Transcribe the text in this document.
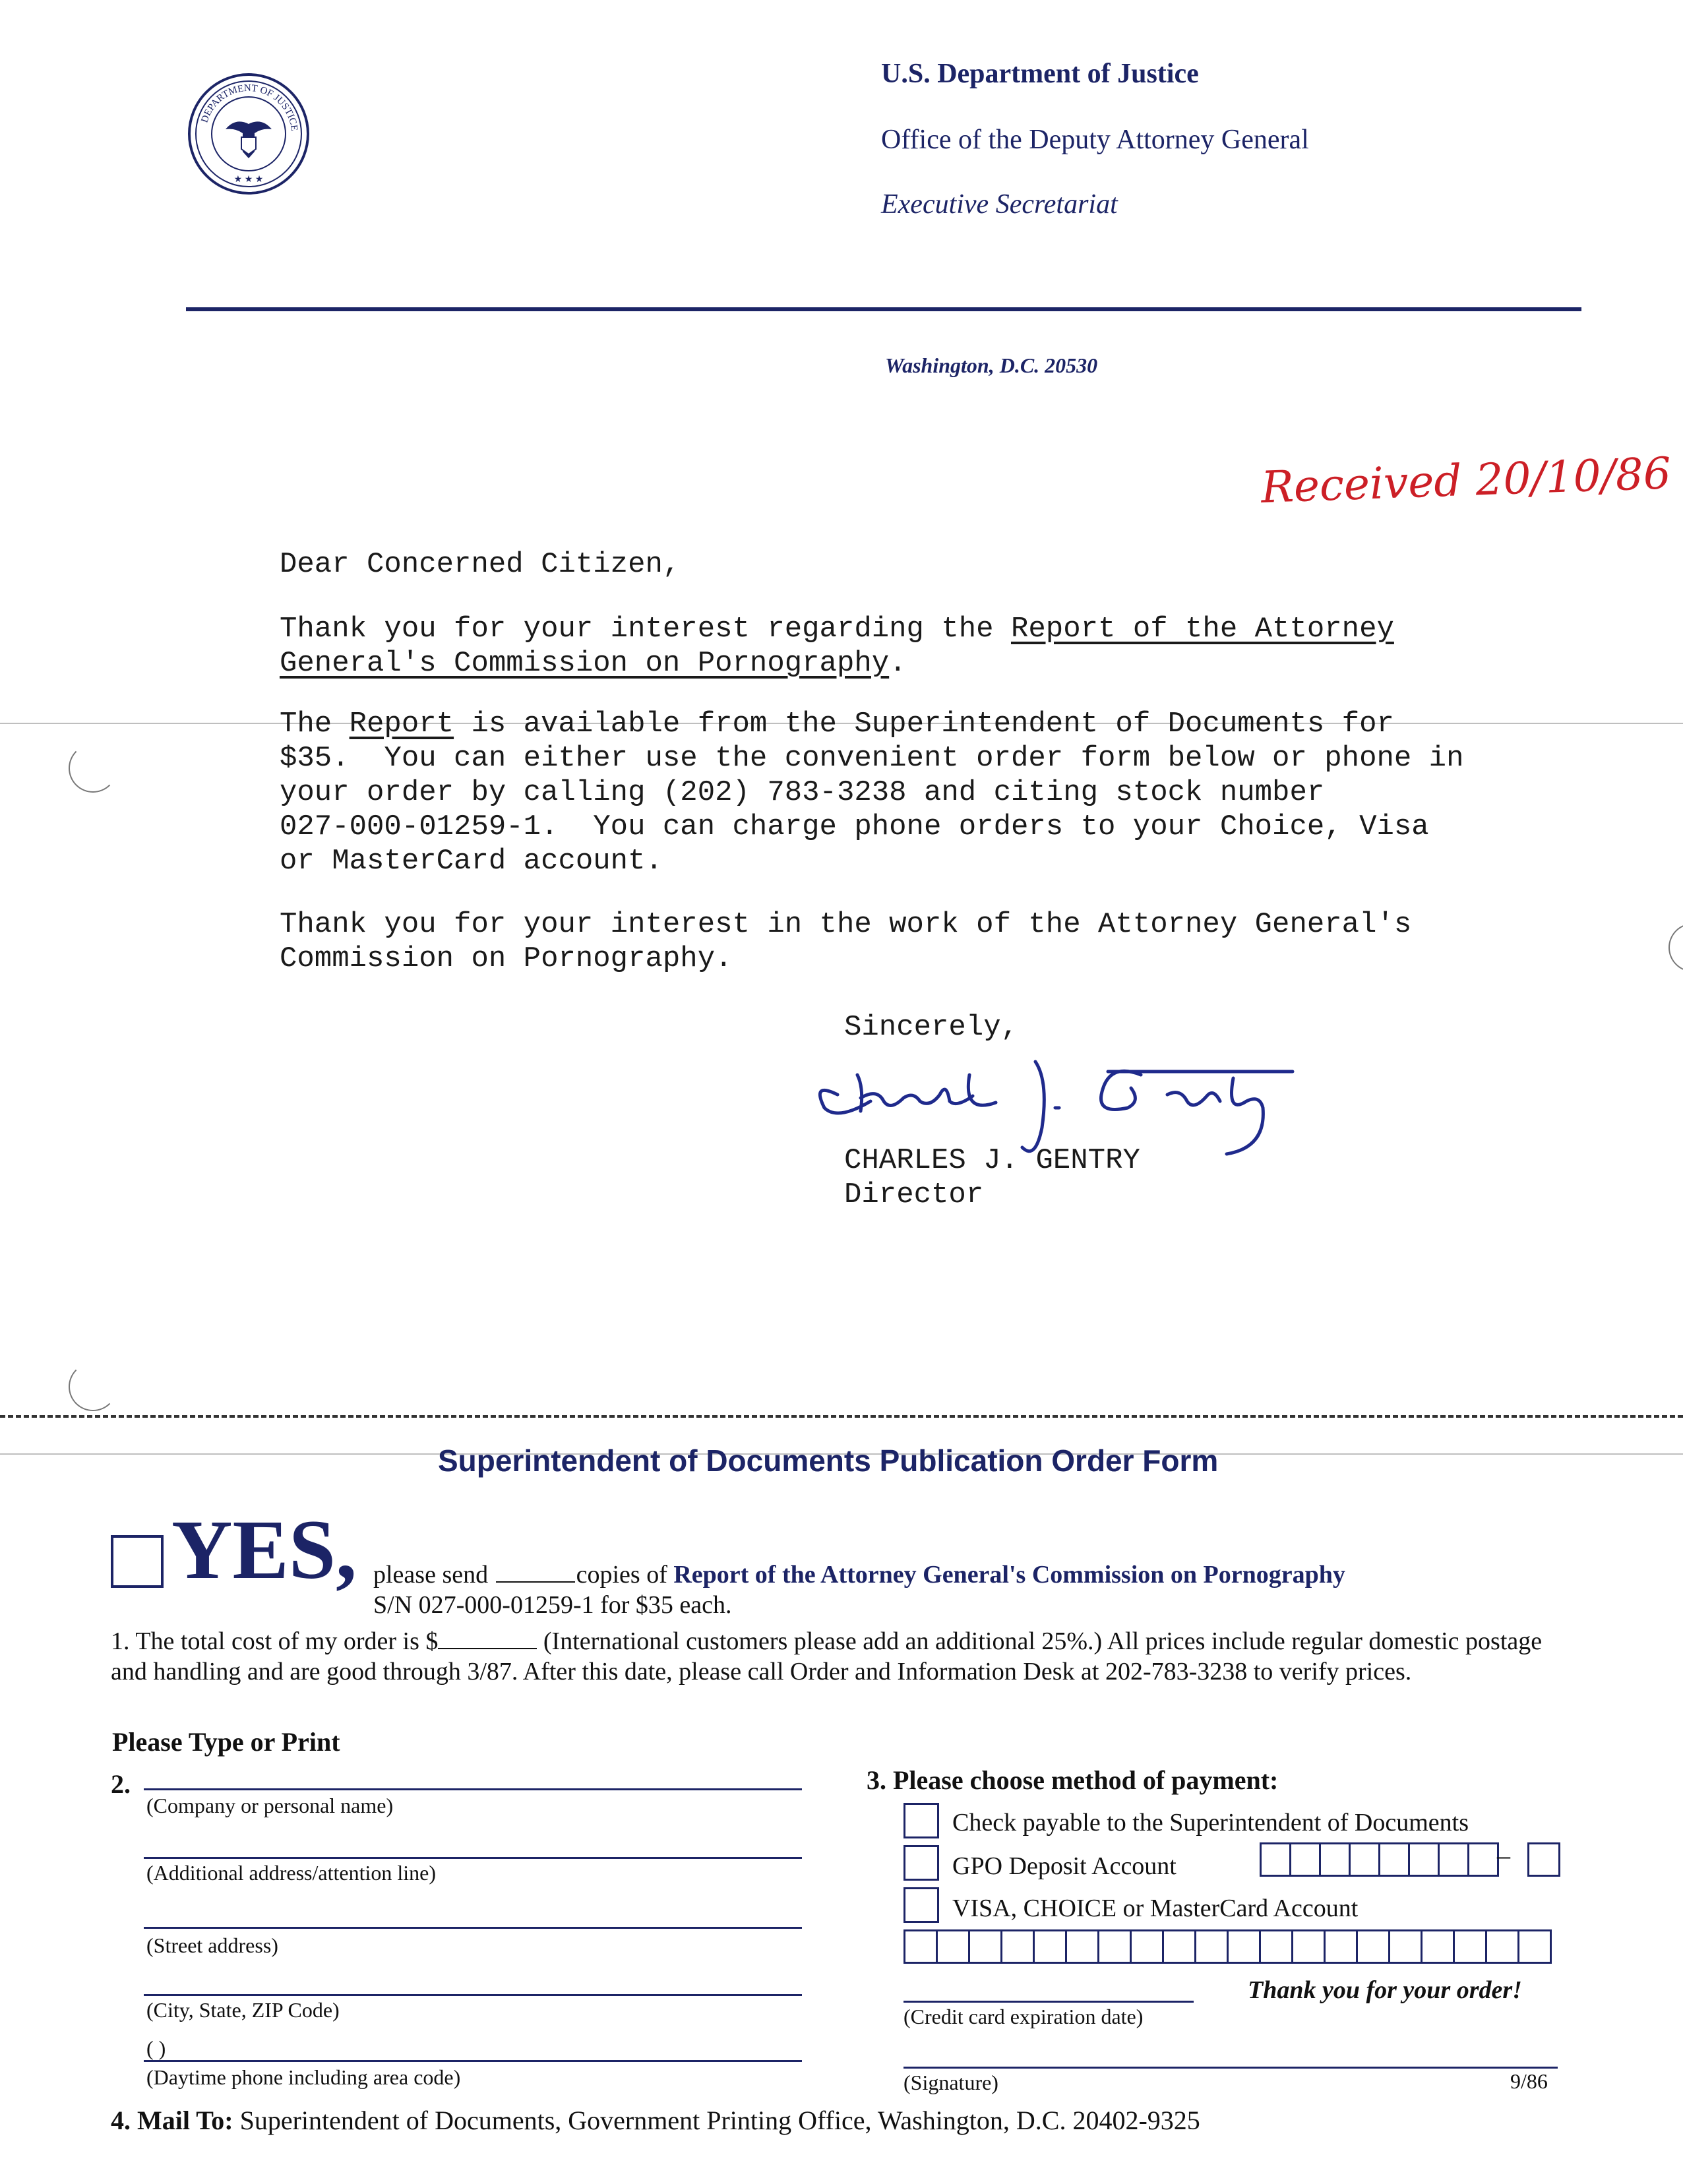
DEPARTMENT OF JUSTICE
★ ★ ★
U.S. Department of Justice
Office of the Deputy Attorney General
Executive Secretariat
Washington, D.C. 20530
Received 20/10/86
Dear Concerned Citizen,
Thank you for your interest regarding the Report of the Attorney
General's Commission on Pornography.
The Report is available from the Superintendent of Documents for
$35.  You can either use the convenient order form below or phone in
your order by calling (202) 783-3238 and citing stock number
027-000-01259-1.  You can charge phone orders to your Choice, Visa
or MasterCard account.
Thank you for your interest in the work of the Attorney General's
Commission on Pornography.
Sincerely,
Charles J. Gentry
CHARLES J. GENTRY
Director
Superintendent of Documents Publication Order Form
YES, please send	copies of Report of the Attorney General's Commission on Pornography
S/N 027-000-01259-1 for $35 each.
1. The total cost of my order is $	(International customers please add an additional 25%.) All prices include regular domestic postage and handling and are good through 3/87. After this date, please call Order and Information Desk at 202-783-3238 to verify prices.
Please Type or Print
2.
(Company or personal name)
(Additional address/attention line)
(Street address)
(City, State, ZIP Code)
( )
(Daytime phone including area code)
3. Please choose method of payment:
Check payable to the Superintendent of Documents
GPO Deposit Account	–
VISA, CHOICE or MasterCard Account
Thank you for your order!
(Credit card expiration date)
(Signature)	9/86
4. Mail To: Superintendent of Documents, Government Printing Office, Washington, D.C. 20402-9325
